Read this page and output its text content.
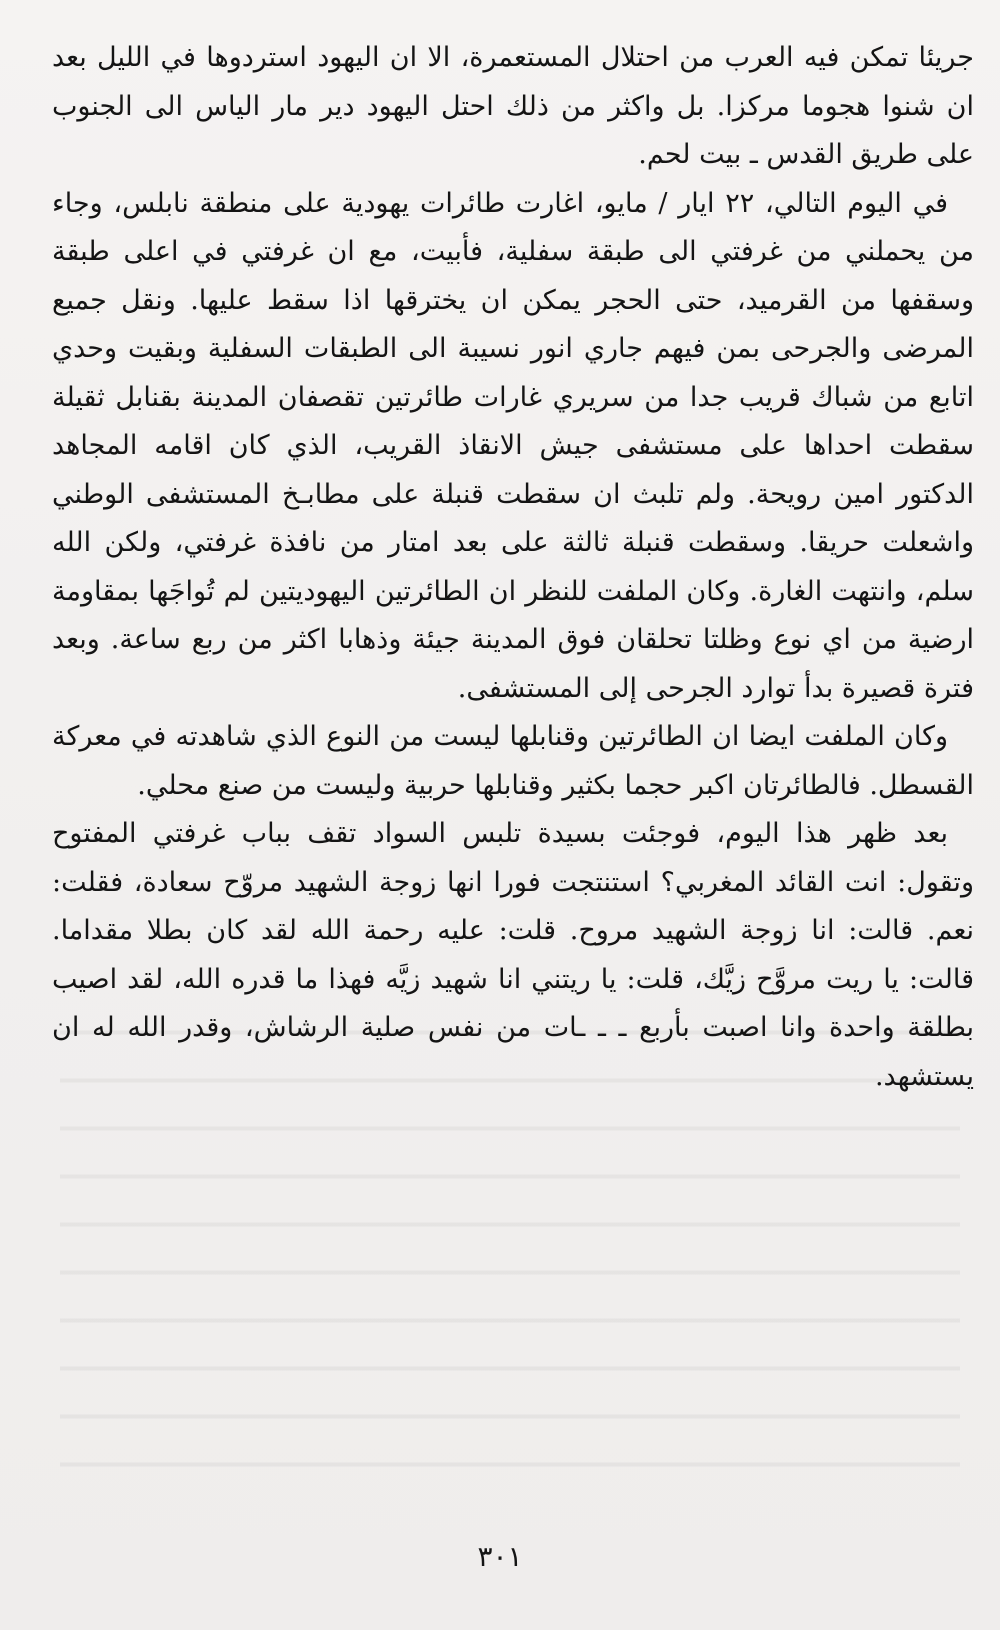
جريئا تمكن فيه العرب من احتلال المستعمرة، الا ان اليهود استردوها في الليل بعد ان شنوا هجوما مركزا. بل واكثر من ذلك احتل اليهود دير مار الياس الى الجنوب على طريق القدس ـ بيت لحم.

في اليوم التالي، ٢٢ ايار / مايو، اغارت طائرات يهودية على منطقة نابلس، وجاء من يحملني من غرفتي الى طبقة سفلية، فأبيت، مع ان غرفتي في اعلى طبقة وسقفها من القرميد، حتى الحجر يمكن ان يخترقها اذا سقط عليها. ونقل جميع المرضى والجرحى بمن فيهم جاري انور نسيبة الى الطبقات السفلية وبقيت وحدي اتابع من شباك قريب جدا من سريري غارات طائرتين تقصفان المدينة بقنابل ثقيلة سقطت احداها على مستشفى جيش الانقاذ القريب، الذي كان اقامه المجاهد الدكتور امين رويحة. ولم تلبث ان سقطت قنبلة على مطابـخ المستشفى الوطني واشعلت حريقا. وسقطت قنبلة ثالثة على بعد امتار من نافذة غرفتي، ولكن الله سلم، وانتهت الغارة. وكان الملفت للنظر ان الطائرتين اليهوديتين لم تُواجَها بمقاومة ارضية من اي نوع وظلتا تحلقان فوق المدينة جيئة وذهابا اكثر من ربع ساعة. وبعد فترة قصيرة بدأ توارد الجرحى إلى المستشفى.

وكان الملفت ايضا ان الطائرتين وقنابلها ليست من النوع الذي شاهدته في معركة القسطل. فالطائرتان اكبر حجما بكثير وقنابلها حربية وليست من صنع محلي.

بعد ظهر هذا اليوم، فوجئت بسيدة تلبس السواد تقف بباب غرفتي المفتوح وتقول: انت القائد المغربي؟ استنتجت فورا انها زوجة الشهيد مروّح سعادة، فقلت: نعم. قالت: انا زوجة الشهيد مروح. قلت: عليه رحمة الله لقد كان بطلا مقداما. قالت: يا ريت مروَّح زيَّك، قلت: يا ريتني انا شهيد زيَّه فهذا ما قدره الله، لقد اصيب بطلقة واحدة وانا اصبت بأربع ـ ـ ـات من نفس صلية الرشاش، وقدر الله له ان يستشهد.

٣٠١
